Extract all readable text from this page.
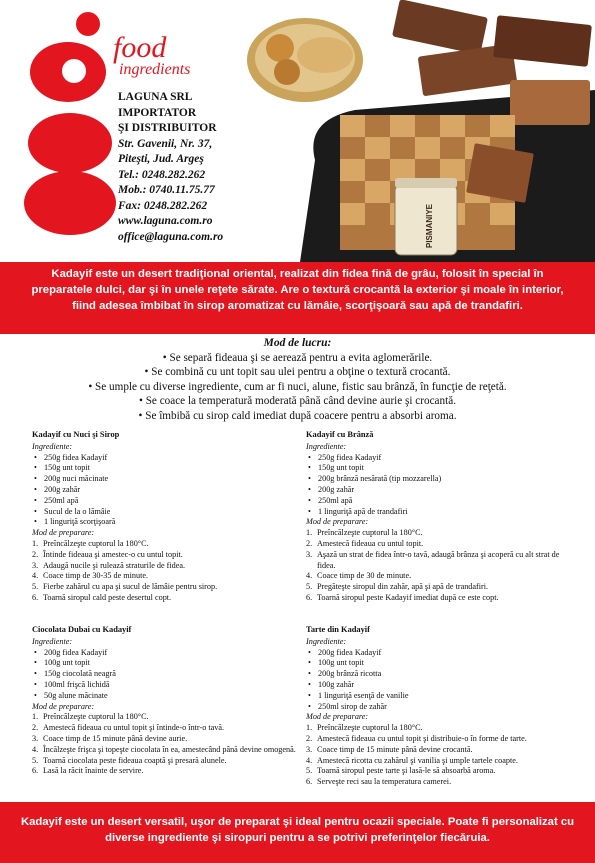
food
ingredients
LAGUNA SRL
IMPORTATOR
ŞI DISTRIBUITOR
Str. Gavenii, Nr. 37,
Piteşti, Jud. Argeş
Tel.: 0248.282.262
Mob.: 0740.11.75.77
Fax: 0248.282.262
www.laguna.com.ro
office@laguna.com.ro	PISMANIYE
Kadayif este un desert tradiţional oriental, realizat din fidea fină de grâu, folosit în special în preparatele dulci, dar şi în unele reţete sărate. Are o textură crocantă la exterior şi moale în interior, fiind adesea îmbibat în sirop aromatizat cu lămâie, scorţişoară sau apă de trandafiri.
Mod de lucru:
• Se separă fideaua şi se aerează pentru a evita aglomerările.
• Se combină cu unt topit sau ulei pentru a obţine o textură crocantă.
• Se umple cu diverse ingrediente, cum ar fi nuci, alune, fistic sau brânză, în funcţie de reţetă.
• Se coace la temperatură moderată până când devine aurie şi crocantă.
• Se îmbibă cu sirop cald imediat după coacere pentru a absorbi aroma.
Kadayif cu Nuci şi Sirop
Ingrediente:
• 250g fidea Kadayif
• 150g unt topit
• 200g nuci măcinate
• 200g zahăr
• 250ml apă
• Sucul de la o lămâie
• 1 linguriţă scorţişoară
Mod de preparare:
1. Preîncălzeşte cuptorul la 180°C.
2. Întinde fideaua şi amestec-o cu untul topit.
3. Adaugă nucile şi rulează straturile de fidea.
4. Coace timp de 30-35 de minute.
5. Fierbe zahărul cu apa şi sucul de lămâie pentru sirop.
6. Toarnă siropul cald peste desertul copt.
Kadayif cu Brânză
Ingrediente:
• 250g fidea Kadayif
• 150g unt topit
• 200g brânză nesărată (tip mozzarella)
• 200g zahăr
• 250ml apă
• 1 linguriţă apă de trandafiri
Mod de preparare:
1. Preîncălzeşte cuptorul la 180°C.
2. Amestecă fideaua cu untul topit.
3. Aşază un strat de fidea într-o tavă, adaugă brânza şi acoperă cu alt strat de fidea.
4. Coace timp de 30 de minute.
5. Pregăteşte siropul din zahăr, apă şi apă de trandafiri.
6. Toarnă siropul peste Kadayif imediat după ce este copt.
Ciocolata Dubai cu Kadayif
Ingrediente:
• 200g fidea Kadayif
• 100g unt topit
• 150g ciocolată neagră
• 100ml frişcă lichidă
• 50g alune măcinate
Mod de preparare:
1. Preîncălzeşte cuptorul la 180°C.
2. Amestecă fideaua cu untul topit şi întinde-o într-o tavă.
3. Coace timp de 15 minute până devine aurie.
4. Încălzeşte frişca şi topeşte ciocolata în ea, amestecând până devine omogenă.
5. Toarnă ciocolata peste fideaua coaptă şi presară alunele.
6. Lasă la răcit înainte de servire.
Tarte din Kadayif
Ingrediente:
• 200g fidea Kadayif
• 100g unt topit
• 200g brânză ricotta
• 100g zahăr
• 1 linguriţă esenţă de vanilie
• 250ml sirop de zahăr
Mod de preparare:
1. Preîncălzeşte cuptorul la 180°C.
2. Amestecă fideaua cu untul topit şi distribuie-o în forme de tarte.
3. Coace timp de 15 minute până devine crocantă.
4. Amestecă ricotta cu zahărul şi vanilia şi umple tartele coapte.
5. Toarnă siropul peste tarte şi lasă-le să absoarbă aroma.
6. Serveşte reci sau la temperatura camerei.
Kadayif este un desert versatil, uşor de preparat şi ideal pentru ocazii speciale. Poate fi personalizat cu diverse ingrediente şi siropuri pentru a se potrivi preferinţelor fiecăruia.
